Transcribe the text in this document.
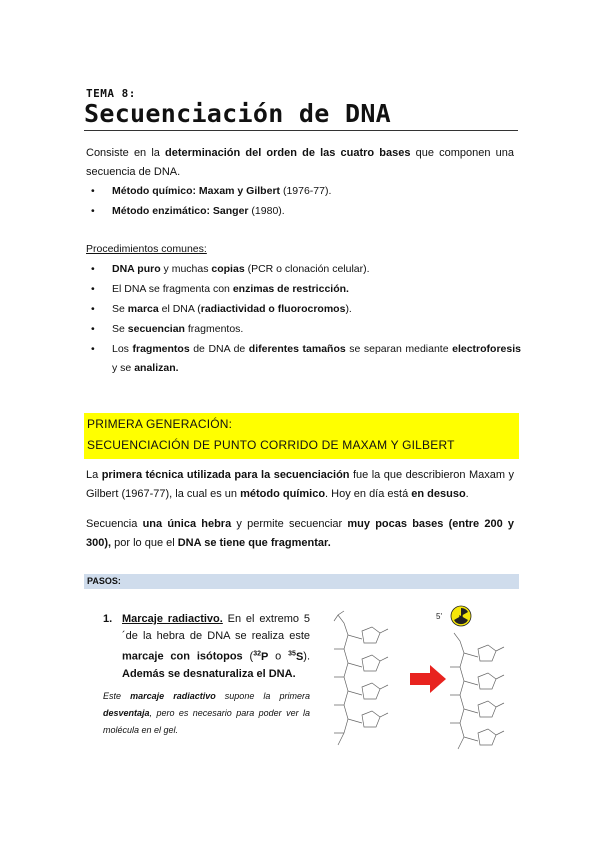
TEMA 8:
Secuenciación de DNA
Consiste en la determinación del orden de las cuatro bases que componen una secuencia de DNA.
• Método químico: Maxam y Gilbert (1976-77).
• Método enzimático: Sanger (1980).
Procedimientos comunes:
• DNA puro y muchas copias (PCR o clonación celular).
• El DNA se fragmenta con enzimas de restricción.
• Se marca el DNA (radiactividad o fluorocromos).
• Se secuencian fragmentos.
• Los fragmentos de DNA de diferentes tamaños se separan mediante electroforesis y se analizan.
PRIMERA GENERACIÓN:
SECUENCIACIÓN DE PUNTO CORRIDO DE MAXAM Y GILBERT
La primera técnica utilizada para la secuenciación fue la que describieron Maxam y Gilbert (1967-77), la cual es un método químico. Hoy en día está en desuso.
Secuencia una única hebra y permite secuenciar muy pocas bases (entre 200 y 300), por lo que el DNA se tiene que fragmentar.
PASOS:
1. Marcaje radiactivo. En el extremo 5´de la hebra de DNA se realiza este marcaje con isótopos ($^{32}$P o $^{35}$S). Además se desnaturaliza el DNA.
Este marcaje radiactivo supone la primera desventaja, pero es necesario para poder ver la molécula en el gel.
5'
